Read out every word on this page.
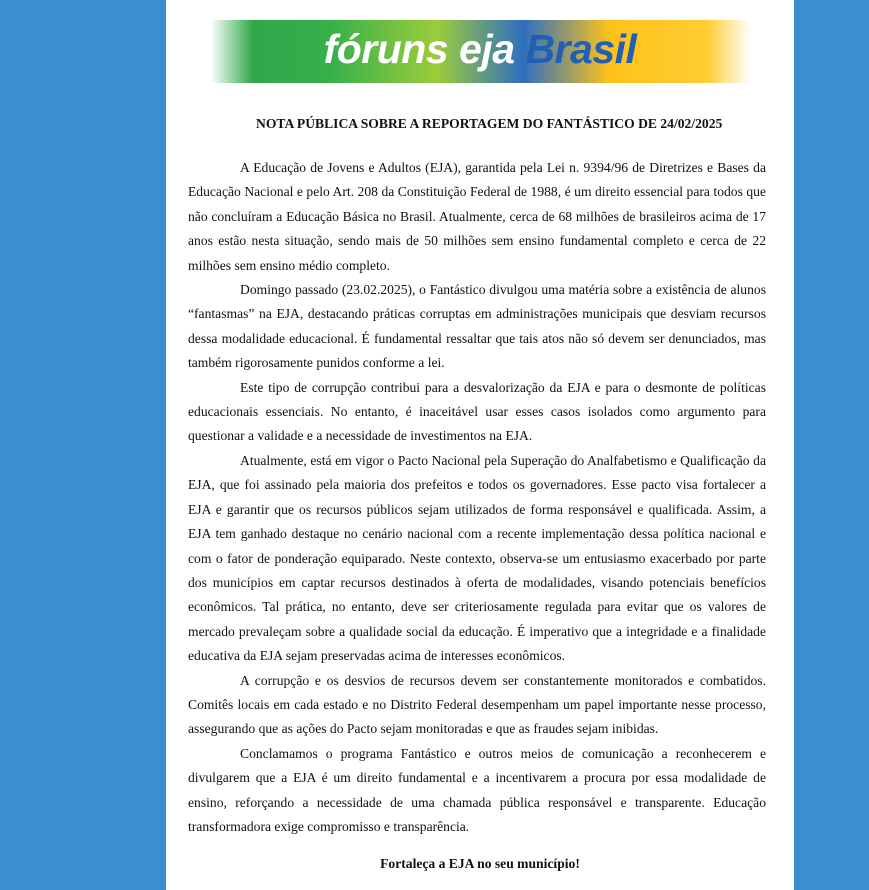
fóruns eja Brasil
NOTA PÚBLICA SOBRE A REPORTAGEM DO FANTÁSTICO DE 24/02/2025

A Educação de Jovens e Adultos (EJA), garantida pela Lei n. 9394/96 de Diretrizes e Bases da Educação Nacional e pelo Art. 208 da Constituição Federal de 1988, é um direito essencial para todos que não concluíram a Educação Básica no Brasil. Atualmente, cerca de 68 milhões de brasileiros acima de 17 anos estão nesta situação, sendo mais de 50 milhões sem ensino fundamental completo e cerca de 22 milhões sem ensino médio completo.

Domingo passado (23.02.2025), o Fantástico divulgou uma matéria sobre a existência de alunos “fantasmas” na EJA, destacando práticas corruptas em administrações municipais que desviam recursos dessa modalidade educacional. É fundamental ressaltar que tais atos não só devem ser denunciados, mas também rigorosamente punidos conforme a lei.

Este tipo de corrupção contribui para a desvalorização da EJA e para o desmonte de políticas educacionais essenciais. No entanto, é inaceitável usar esses casos isolados como argumento para questionar a validade e a necessidade de investimentos na EJA.

Atualmente, está em vigor o Pacto Nacional pela Superação do Analfabetismo e Qualificação da EJA, que foi assinado pela maioria dos prefeitos e todos os governadores. Esse pacto visa fortalecer a EJA e garantir que os recursos públicos sejam utilizados de forma responsável e qualificada. Assim, a EJA tem ganhado destaque no cenário nacional com a recente implementação dessa política nacional e com o fator de ponderação equiparado. Neste contexto, observa-se um entusiasmo exacerbado por parte dos municípios em captar recursos destinados à oferta de modalidades, visando potenciais benefícios econômicos. Tal prática, no entanto, deve ser criteriosamente regulada para evitar que os valores de mercado prevaleçam sobre a qualidade social da educação. É imperativo que a integridade e a finalidade educativa da EJA sejam preservadas acima de interesses econômicos.

A corrupção e os desvios de recursos devem ser constantemente monitorados e combatidos. Comitês locais em cada estado e no Distrito Federal desempenham um papel importante nesse processo, assegurando que as ações do Pacto sejam monitoradas e que as fraudes sejam inibidas.

Conclamamos o programa Fantástico e outros meios de comunicação a reconhecerem e divulgarem que a EJA é um direito fundamental e a incentivarem a procura por essa modalidade de ensino, reforçando a necessidade de uma chamada pública responsável e transparente. Educação transformadora exige compromisso e transparência.

Fortaleça a EJA no seu município!
